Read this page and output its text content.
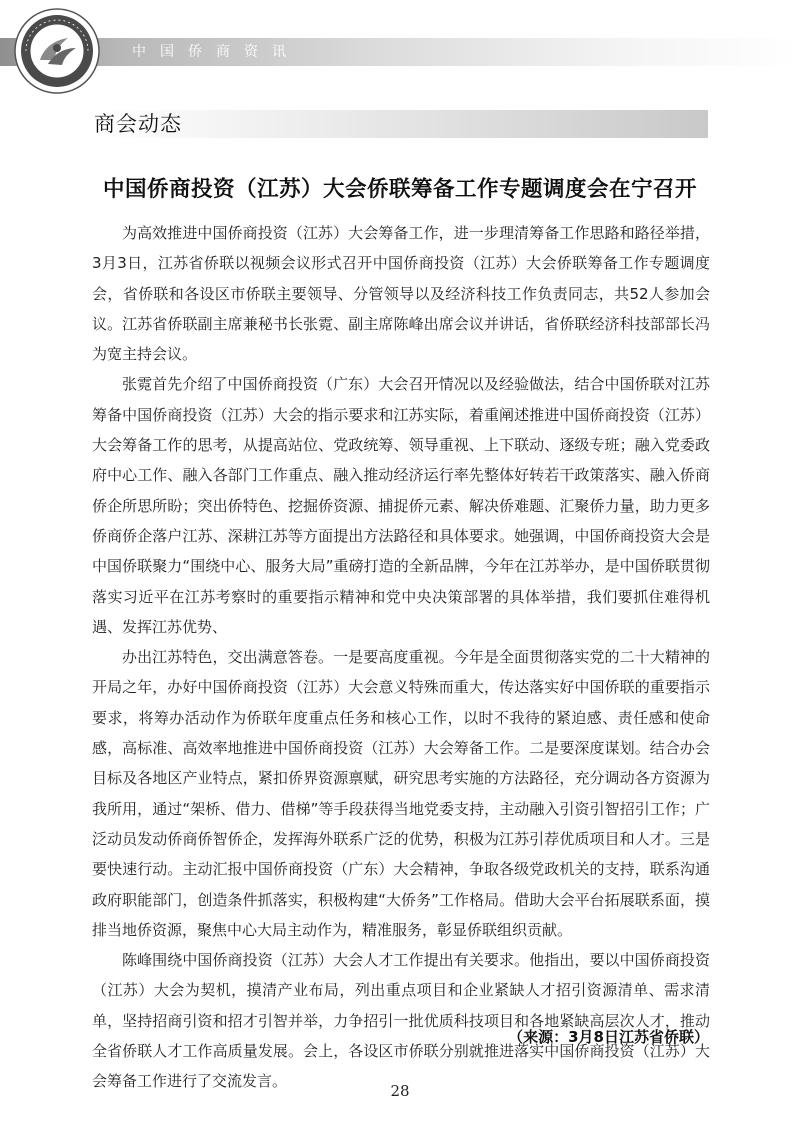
中国侨商资讯
商会动态
中国侨商投资（江苏）大会侨联筹备工作专题调度会在宁召开

为高效推进中国侨商投资（江苏）大会筹备工作，进一步理清筹备工作思路和路径举措，3月3日，江苏省侨联以视频会议形式召开中国侨商投资（江苏）大会侨联筹备工作专题调度会，省侨联和各设区市侨联主要领导、分管领导以及经济科技工作负责同志，共52人参加会议。江苏省侨联副主席兼秘书长张霓、副主席陈峰出席会议并讲话，省侨联经济科技部部长冯为宽主持会议。

张霓首先介绍了中国侨商投资（广东）大会召开情况以及经验做法，结合中国侨联对江苏筹备中国侨商投资（江苏）大会的指示要求和江苏实际，着重阐述推进中国侨商投资（江苏）大会筹备工作的思考，从提高站位、党政统筹、领导重视、上下联动、逐级专班；融入党委政府中心工作、融入各部门工作重点、融入推动经济运行率先整体好转若干政策落实、融入侨商侨企所思所盼；突出侨特色、挖掘侨资源、捕捉侨元素、解决侨难题、汇聚侨力量，助力更多侨商侨企落户江苏、深耕江苏等方面提出方法路径和具体要求。她强调，中国侨商投资大会是中国侨联聚力“围绕中心、服务大局”重磅打造的全新品牌，今年在江苏举办，是中国侨联贯彻落实习近平在江苏考察时的重要指示精神和党中央决策部署的具体举措，我们要抓住难得机遇、发挥江苏优势、

办出江苏特色，交出满意答卷。一是要高度重视。今年是全面贯彻落实党的二十大精神的开局之年，办好中国侨商投资（江苏）大会意义特殊而重大，传达落实好中国侨联的重要指示要求，将筹办活动作为侨联年度重点任务和核心工作，以时不我待的紧迫感、责任感和使命感，高标准、高效率地推进中国侨商投资（江苏）大会筹备工作。二是要深度谋划。结合办会目标及各地区产业特点，紧扣侨界资源禀赋，研究思考实施的方法路径，充分调动各方资源为我所用，通过“架桥、借力、借梯”等手段获得当地党委支持，主动融入引资引智招引工作；广泛动员发动侨商侨智侨企，发挥海外联系广泛的优势，积极为江苏引荐优质项目和人才。三是要快速行动。主动汇报中国侨商投资（广东）大会精神，争取各级党政机关的支持，联系沟通政府职能部门，创造条件抓落实，积极构建“大侨务”工作格局。借助大会平台拓展联系面，摸排当地侨资源，聚焦中心大局主动作为，精准服务，彰显侨联组织贡献。

陈峰围绕中国侨商投资（江苏）大会人才工作提出有关要求。他指出，要以中国侨商投资（江苏）大会为契机，摸清产业布局，列出重点项目和企业紧缺人才招引资源清单、需求清单，坚持招商引资和招才引智并举，力争招引一批优质科技项目和各地紧缺高层次人才，推动全省侨联人才工作高质量发展。会上，各设区市侨联分别就推进落实中国侨商投资（江苏）大会筹备工作进行了交流发言。

（来源：3月8日江苏省侨联）
28
